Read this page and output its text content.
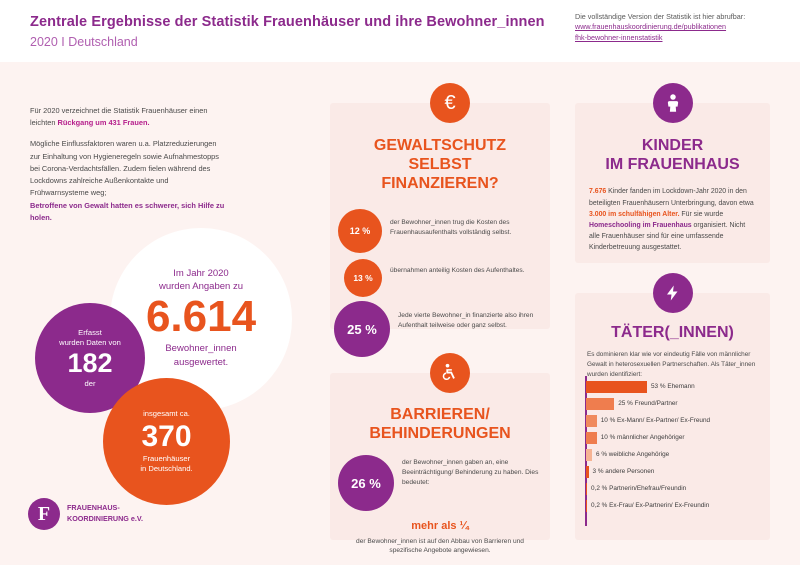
Zentrale Ergebnisse der Statistik Frauenhäuser und ihre Bewohner_innen
2020 I Deutschland
Die vollständige Version der Statistik ist hier abrufbar:
www.frauenhauskoordinierung.de/publikationen
fhk-bewohner-innenstatistik

Für 2020 verzeichnet die Statistik Frauenhäuser einen leichten Rückgang um 431 Frauen.

Mögliche Einflussfaktoren waren u.a. Platzreduzierungen zur Einhaltung von Hygieneregeln sowie Aufnahmestopps bei Corona-Verdachtsfällen. Zudem fielen während des Lockdowns zahlreiche Außenkontakte und Frühwarnsysteme weg;
Betroffene von Gewalt hatten es schwerer, sich Hilfe zu holen.

Im Jahr 2020
wurden Angaben zu
6.614
Bewohner_innen
ausgewertet.
Erfasst
wurden Daten von
182
der
insgesamt ca.
370
Frauenhäuser
in Deutschland.
F	FRAUENHAUS-
KOORDINIERUNG e.V.
GEWALTSCHUTZ
SELBST
FINANZIEREN?
12 %
der Bewohner_innen trug die Kosten des Frauenhausaufenthalts vollständig selbst.
13 %
übernahmen anteilig Kosten des Aufenthaltes.
25 %
Jede vierte Bewohner_in finanzierte also ihren Aufenthalt teilweise oder ganz selbst.
€
KINDER
IM FRAUENHAUS
7.676 Kinder fanden im Lockdown-Jahr 2020 in den beteiligten Frauenhäusern Unterbringung, davon etwa 3.000 im schulfähigen Alter. Für sie wurde Homeschooling im Frauenhaus organisiert. Nicht alle Frauenhäuser sind für eine umfassende Kinderbetreuung ausgestattet.
TÄTER(_INNEN)
Es dominieren klar wie vor eindeutig Fälle von männlicher Gewalt in heterosexuellen Partnerschaften. Als Täter_innen wurden identifiziert:
53 % Ehemann
25 % Freund/Partner
10 % Ex-Mann/ Ex-Partner/ Ex-Freund
10 % männlicher Angehöriger
6 % weibliche Angehörige
3 % andere Personen
0,2 % Partnerin/Ehefrau/Freundin
0,2 % Ex-Frau/ Ex-Partnerin/ Ex-Freundin
BARRIEREN/
BEHINDERUNGEN
26 %
der Bewohner_innen gaben an, eine Beeinträchtigung/ Behinderung zu haben. Dies bedeutet:
mehr als ¼
der Bewohner_innen ist auf den Abbau von Barrieren und spezifische Angebote angewiesen.
